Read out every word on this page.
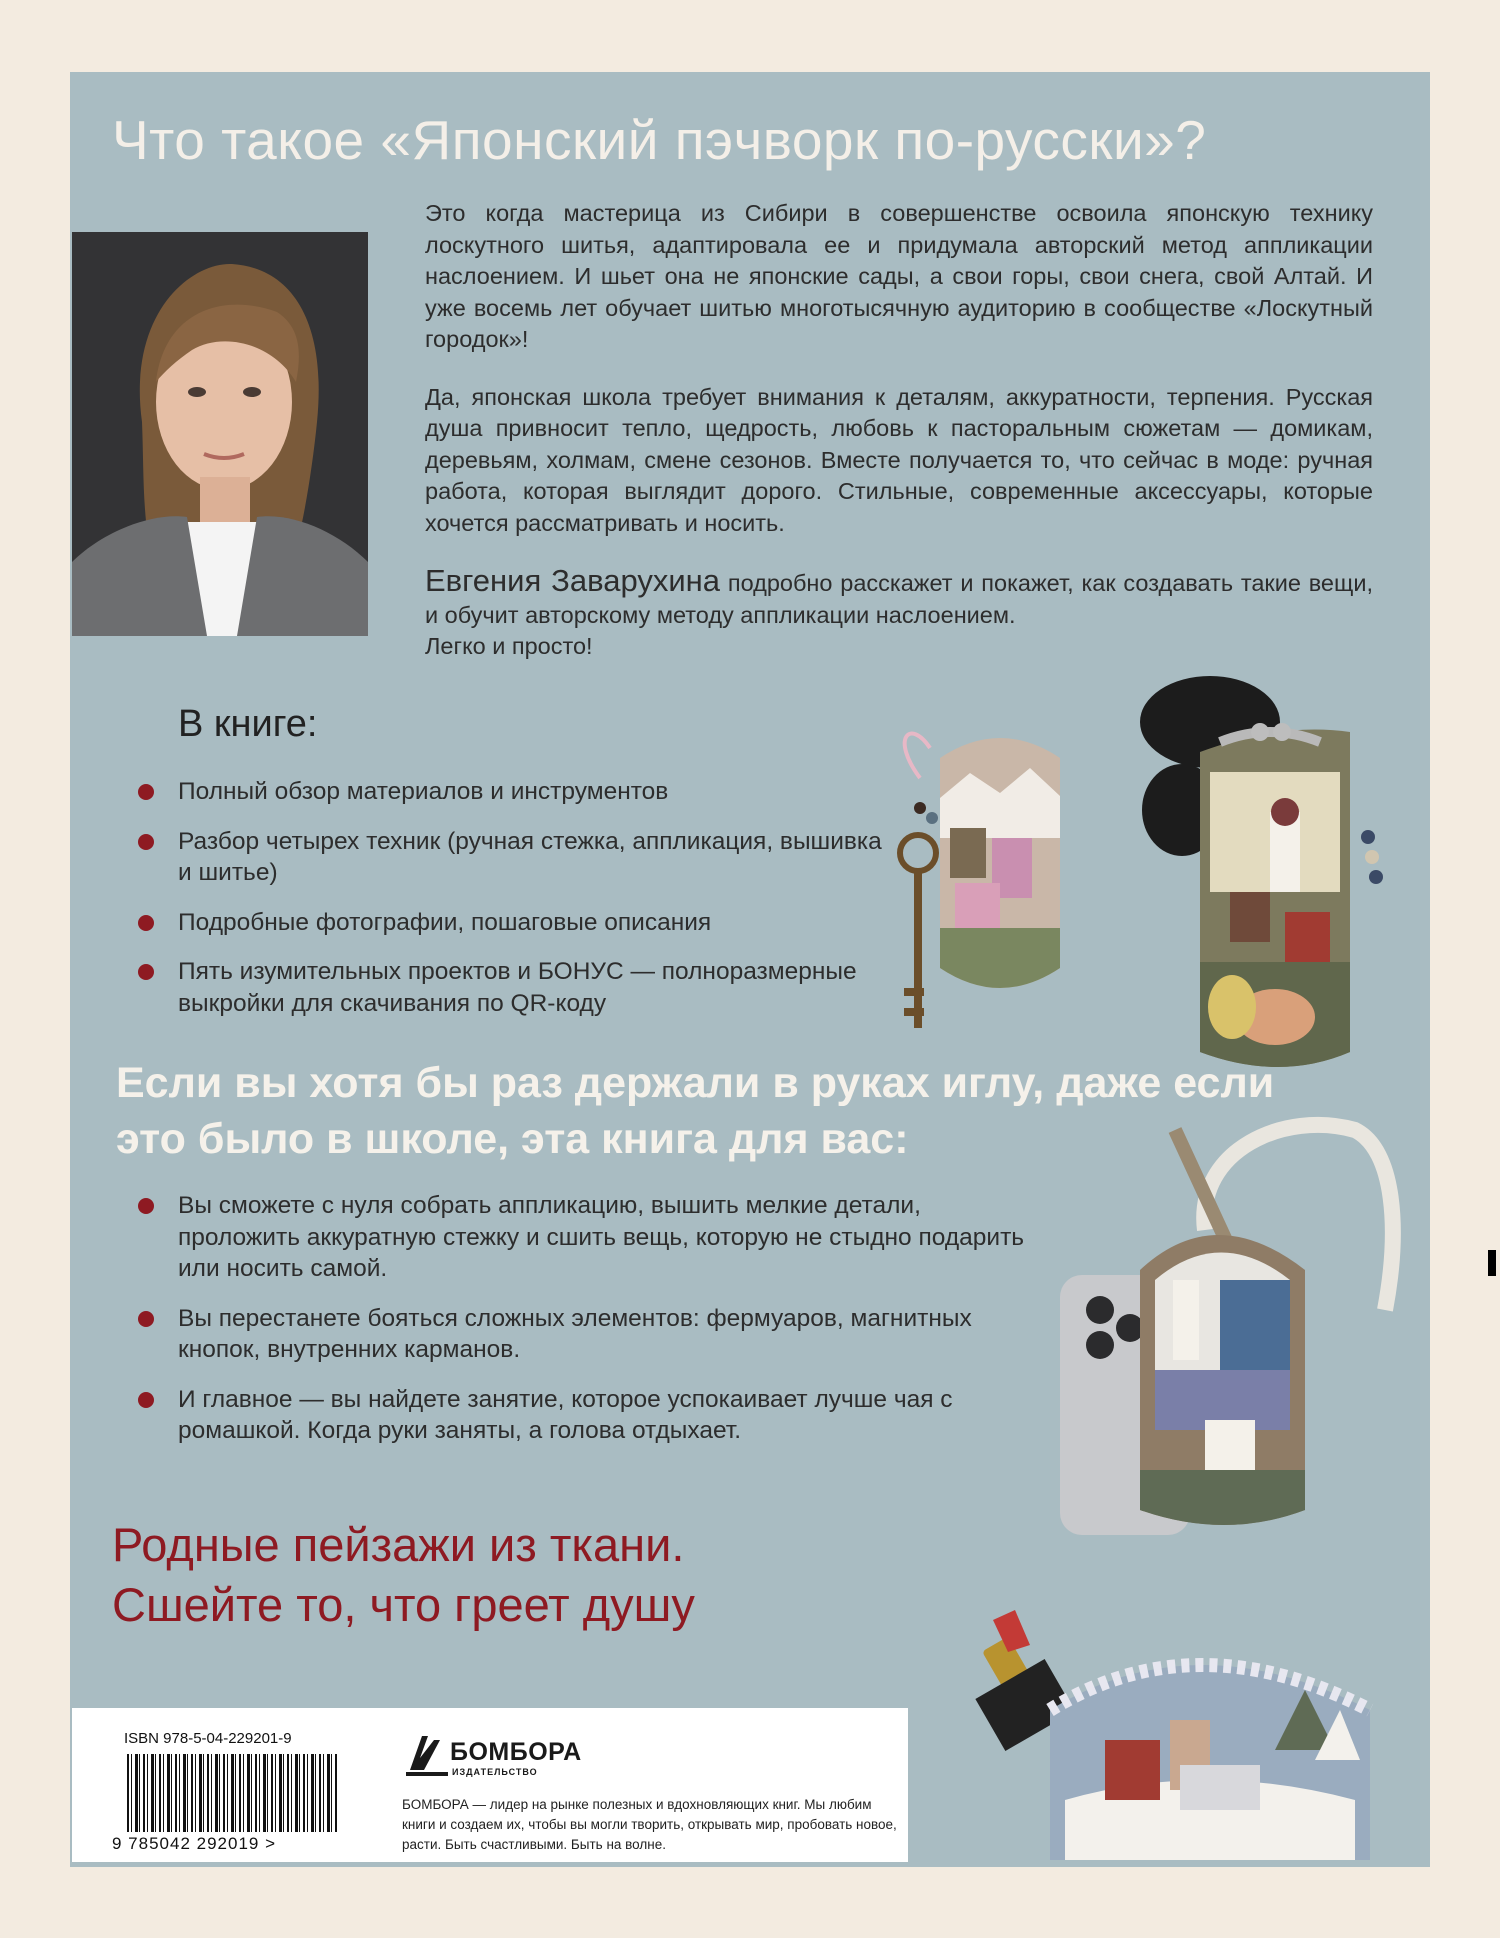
Что такое «Японский пэчворк по-русски»?

Это когда мастерица из Сибири в совершенстве освоила японскую технику лоскутного шитья, адаптировала ее и придумала авторский метод аппликации наслоением. И шьет она не японские сады, а свои горы, свои снега, свой Алтай. И уже восемь лет обучает шитью многотысячную аудиторию в сообществе «Лоскутный городок»!

Да, японская школа требует внимания к деталям, аккуратности, терпения. Русская душа привносит тепло, щедрость, любовь к пасторальным сюжетам — домикам, деревьям, холмам, смене сезонов. Вместе получается то, что сейчас в моде: ручная работа, которая выглядит дорого. Стильные, современные аксессуары, которые хочется рассматривать и носить.

Евгения Заварухина подробно расскажет и покажет, как создавать такие вещи, и обучит авторскому методу аппликации наслоением.
Легко и просто!

В книге:
Полный обзор материалов и инструментов
Разбор четырех техник (ручная стежка, аппликация, вышивка и шитье)
Подробные фотографии, пошаговые описания
Пять изумительных проектов и БОНУС — полноразмерные выкройки для скачивания по QR-коду
Если вы хотя бы раз держали в руках иглу, даже если это было в школе, эта книга для вас:
Вы сможете с нуля собрать аппликацию, вышить мелкие детали, проложить аккуратную стежку и сшить вещь, которую не стыдно подарить или носить самой.
Вы перестанете бояться сложных элементов: фермуаров, магнитных кнопок, внутренних карманов.
И главное — вы найдете занятие, которое успокаивает лучше чая с ромашкой. Когда руки заняты, а голова отдыхает.
Родные пейзажи из ткани.
Сшейте то, что греет душу
ISBN 978-5-04-229201-9
9 785042 292019 >
БОМБОРА
ИЗДАТЕЛЬСТВО
БОМБОРА — лидер на рынке полезных и вдохновляющих книг. Мы любим книги и создаем их, чтобы вы могли творить, открывать мир, пробовать новое, расти. Быть счастливыми. Быть на волне.
